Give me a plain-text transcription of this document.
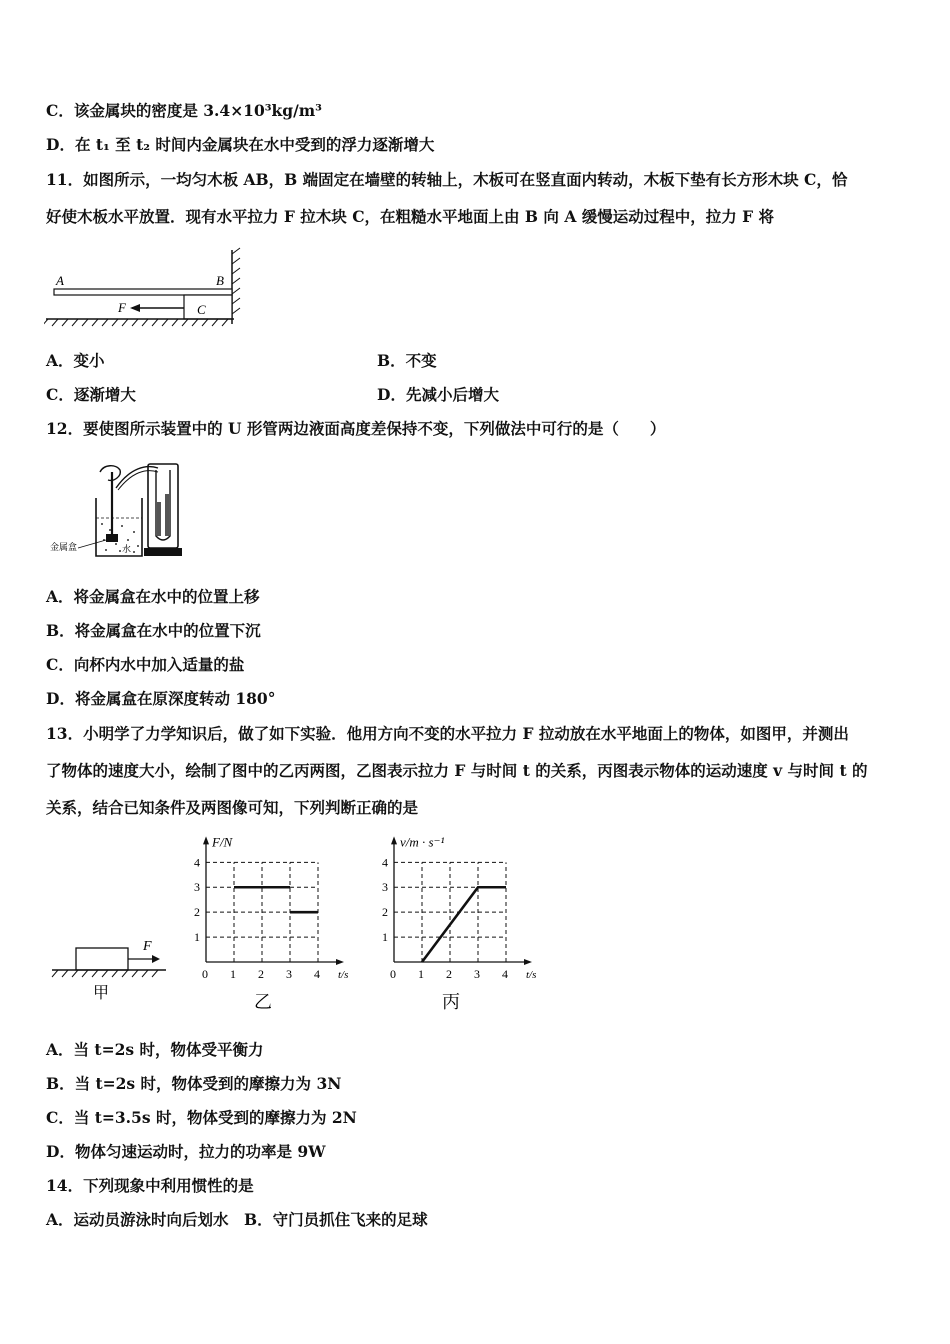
C．该金属块的密度是 3.4×10³kg/m³
D．在 t₁ 至 t₂ 时间内金属块在水中受到的浮力逐渐增大
11．如图所示，一均匀木板 AB，B 端固定在墙壁的转轴上，木板可在竖直面内转动，木板下垫有长方形木块 C，恰
好使木板水平放置．现有水平拉力 F 拉木块 C，在粗糙水平地面上由 B 向 A 缓慢运动过程中，拉力 F 将
A	B
C
F
A．变小	B．不变
C．逐渐增大	D．先减小后增大
12．要使图所示装置中的 U 形管两边液面高度差保持不变，下列做法中可行的是（　　）
金属盒	水
A．将金属盒在水中的位置上移
B．将金属盒在水中的位置下沉
C．向杯内水中加入适量的盐
D．将金属盒在原深度转动 180°
13．小明学了力学知识后，做了如下实验．他用方向不变的水平拉力 F 拉动放在水平地面上的物体，如图甲，并测出
了物体的速度大小，绘制了图中的乙丙两图，乙图表示拉力 F 与时间 t 的关系，丙图表示物体的运动速度 v 与时间 t 的
关系，结合已知条件及两图像可知，下列判断正确的是
F
甲
0 1 2 3 4
1
2
3
4
t/s
F/N
乙
0 1 2 3 4
1
2
3
4
t/s
v/m · s⁻¹
丙
A．当 t=2s 时，物体受平衡力
B．当 t=2s 时，物体受到的摩擦力为 3N
C．当 t=3.5s 时，物体受到的摩擦力为 2N
D．物体匀速运动时，拉力的功率是 9W
14．下列现象中利用惯性的是
A．运动员游泳时向后划水　B．守门员抓住飞来的足球
